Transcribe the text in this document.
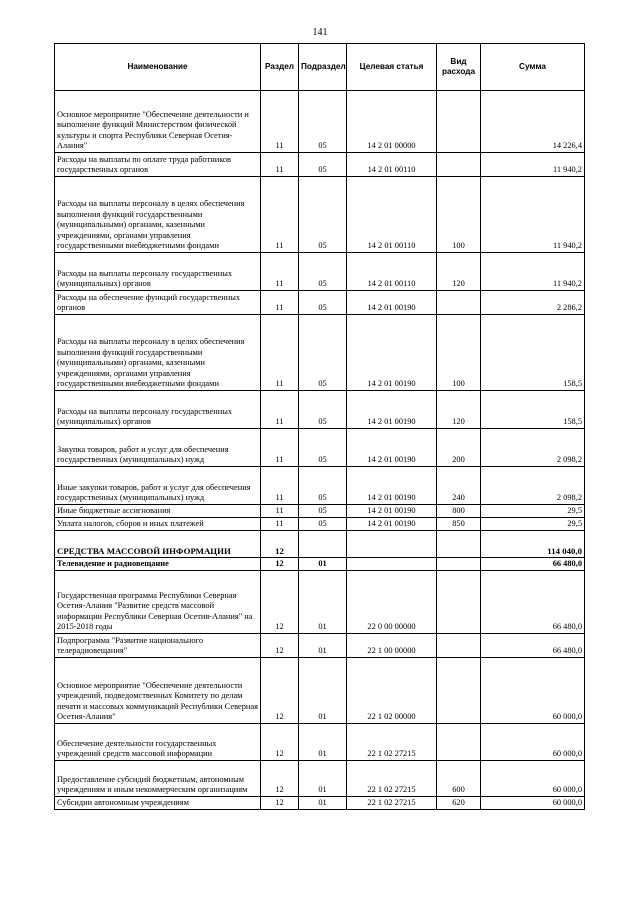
141
Наименование	Раздел	Подраздел	Целевая статья	Вид расхода	Сумма
Основное мероприятие "Обеспечение деятельности и выполнение функций Министерством физической культуры и спорта Республики Северная Осетия-Алания"	11	05	14 2 01 00000		14 226,4
Расходы на выплаты по оплате труда работников государственных органов	11	05	14 2 01 00110		11 940,2
Расходы на выплаты персоналу в целях обеспечения выполнения функций государственными (муниципальными) органами, казенными учреждениями, органами управления государственными внебюджетными фондами	11	05	14 2 01 00110	100	11 940,2
Расходы на выплаты персоналу государственных (муниципальных) органов	11	05	14 2 01 00110	120	11 940,2
Расходы на обеспечение функций государственных органов	11	05	14 2 01 00190		2 286,2
Расходы на выплаты персоналу в целях обеспечения выполнения функций государственными (муниципальными) органами, казенными учреждениями, органами управления государственными внебюджетными фондами	11	05	14 2 01 00190	100	158,5
Расходы на выплаты персоналу государственных (муниципальных) органов	11	05	14 2 01 00190	120	158,5
Закупка товаров, работ и услуг для обеспечения государственных (муниципальных) нужд	11	05	14 2 01 00190	200	2 098,2
Иные закупки товаров, работ и услуг для обеспечения государственных (муниципальных) нужд	11	05	14 2 01 00190	240	2 098,2
Иные бюджетные ассигнования	11	05	14 2 01 00190	800	29,5
Уплата налогов, сборов и иных платежей	11	05	14 2 01 00190	850	29,5
СРЕДСТВА МАССОВОЙ ИНФОРМАЦИИ	12				114 040,0
Телевидение и радиовещание	12	01			66 480,0
Государственная программа Республики Северная Осетия-Алания "Развитие средств массовой информации Республики Северная Осетия-Алания" на 2015-2018 годы	12	01	22 0 00 00000		66 480,0
Подпрограмма "Развитие национального телерадиовещания"	12	01	22 1 00 00000		66 480,0
Основное мероприятие "Обеспечение деятельности учреждений, подведомственных Комитету по делам печати и массовых коммуникаций Республики Северная Осетия-Алания"	12	01	22 1 02 00000		60 000,0
Обеспечение деятельности государственных учреждений средств массовой информации	12	01	22 1 02 27215		60 000,0
Предоставление субсидий бюджетным, автономным учреждениям и иным некоммерческим организациям	12	01	22 1 02 27215	600	60 000,0
Субсидии автономным учреждениям	12	01	22 1 02 27215	620	60 000,0
